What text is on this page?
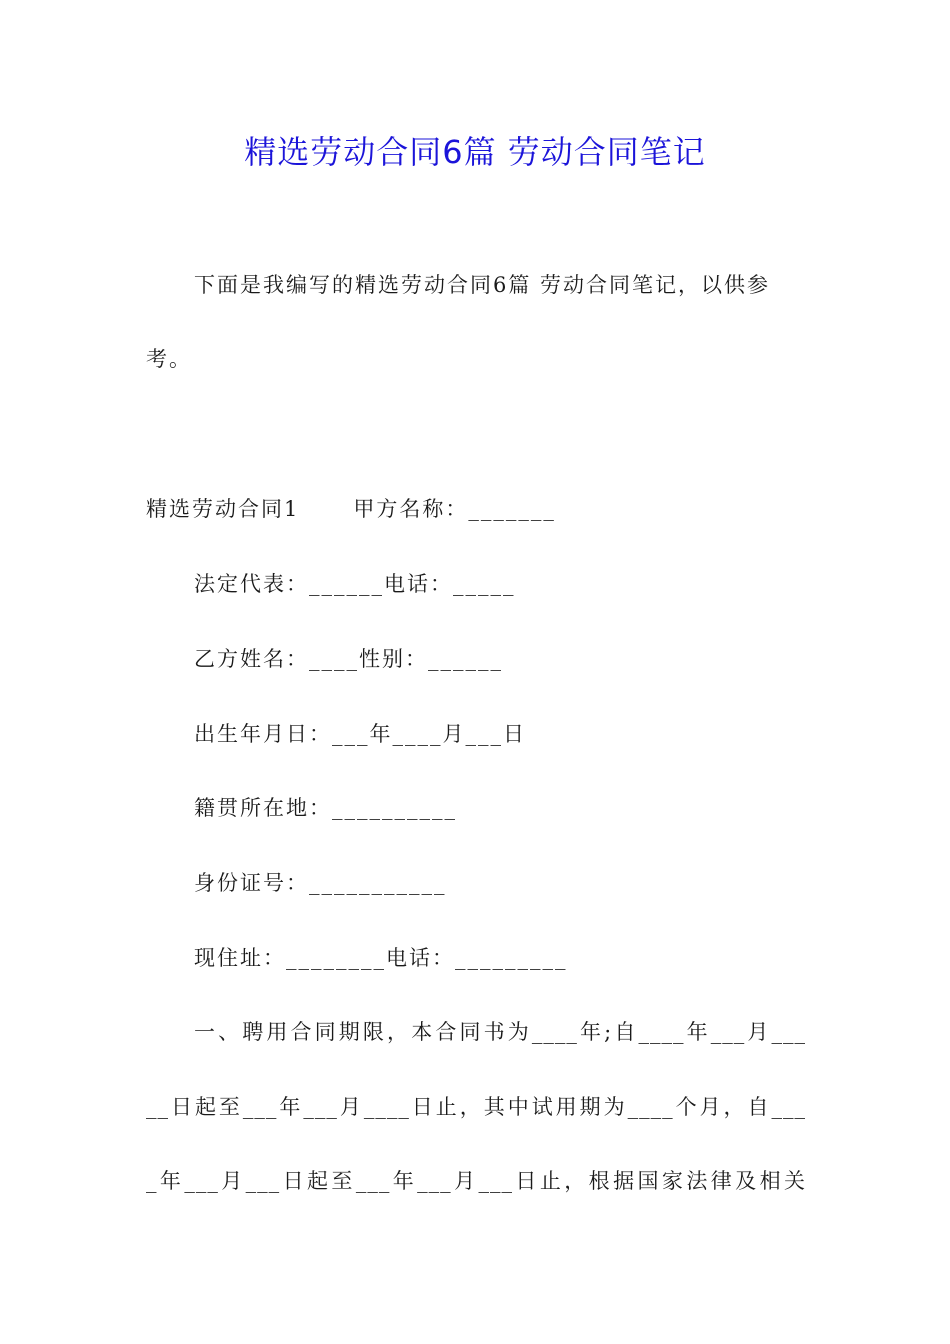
精选劳动合同6篇 劳动合同笔记
下面是我编写的精选劳动合同6篇 劳动合同笔记，以供参
考。
精选劳动合同1	甲方名称：_______
法定代表：______电话：_____
乙方姓名：____性别：______
出生年月日：___年____月___日
籍贯所在地：__________
身份证号：___________
现住址：________电话：_________
一、聘用合同期限，本合同书为____年;自____年___月___
__日起至___年___月____日止，其中试用期为____个月，自___
_年___月___日起至___年___月___日止，根据国家法律及相关
